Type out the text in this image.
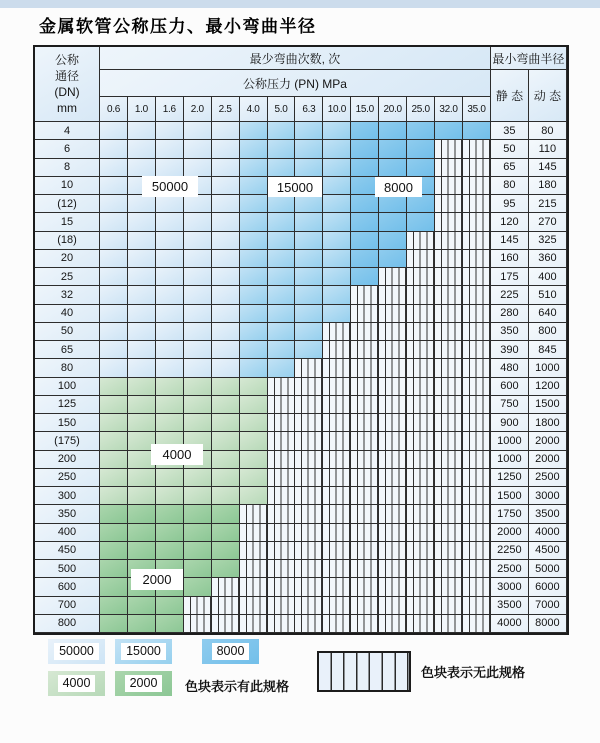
金属软管公称压力、最小弯曲半径
公称
通径
(DN)
mm
最少弯曲次数, 次	最小弯曲半径
公称压力 (PN) MPa
静 态 动 态
0.6	1.0	1.6	2.0	2.5	4.0	5.0	6.3	10.0 15.0 20.0 25.0 32.0 35.0
4	35	80
6	50	110
8	65	145
10	80	180
(12)	95	215
15	120	270
(18)	145	325
20	160	360
25	175	400
32	225	510
40	280	640
50	350	800
65	390	845
80	480	1000
100	600	1200
125	750	1500
150	900	1800
(175)	1000	2000
200	1000	2000
250	1250	2500
300	1500	3000
350	1750	3500
400	2000	4000
450	2250	4500
500	2500	5000
600	3000	6000
700	3500	7000
800	4000	8000
50000	15000	8000
4000
2000
色块表示有此规格
色块表示无此规格
50000	15000	8000
4000	2000
